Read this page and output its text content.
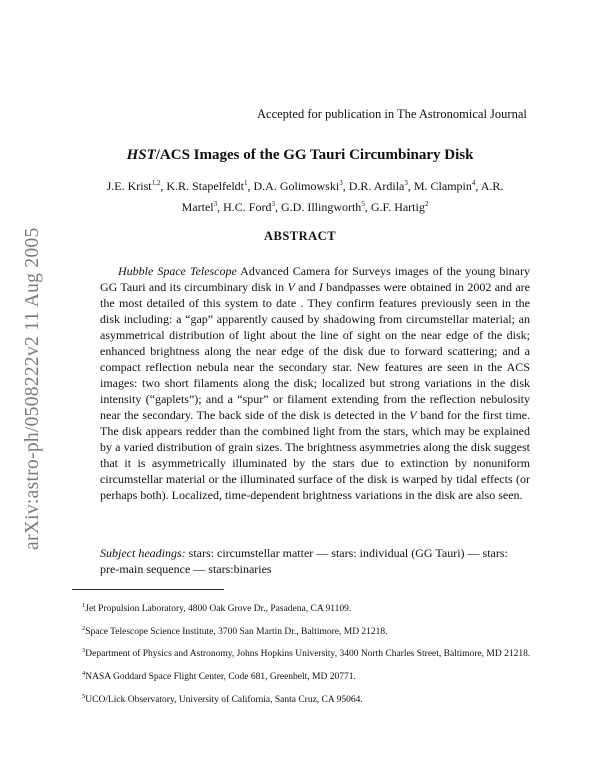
arXiv:astro-ph/0508222v2 11 Aug 2005
Accepted for publication in The Astronomical Journal
HST/ACS Images of the GG Tauri Circumbinary Disk
J.E. Krist$^{1,2}$, K.R. Stapelfeldt$^1$, D.A. Golimowski$^3$, D.R. Ardila$^3$, M. Clampin$^4$, A.R. Martel$^3$, H.C. Ford$^3$, G.D. Illingworth$^5$, G.F. Hartig$^2$
ABSTRACT
Hubble Space Telescope Advanced Camera for Surveys images of the young binary GG Tauri and its circumbinary disk in V and I bandpasses were obtained in 2002 and are the most detailed of this system to date . They confirm features previously seen in the disk including: a “gap” apparently caused by shadowing from circumstellar material; an asymmetrical distribution of light about the line of sight on the near edge of the disk; enhanced brightness along the near edge of the disk due to forward scattering; and a compact reflection nebula near the secondary star. New features are seen in the ACS images: two short filaments along the disk; localized but strong variations in the disk intensity (“gaplets”); and a “spur” or filament extending from the reflection nebulosity near the secondary. The back side of the disk is detected in the V band for the first time. The disk appears redder than the combined light from the stars, which may be explained by a varied distribution of grain sizes. The brightness asymmetries along the disk suggest that it is asymmetrically illuminated by the stars due to extinction by nonuniform circumstellar material or the illuminated surface of the disk is warped by tidal effects (or perhaps both). Localized, time-dependent brightness variations in the disk are also seen.
Subject headings: stars: circumstellar matter — stars: individual (GG Tauri) — stars: pre-main sequence — stars:binaries
$^1$Jet Propulsion Laboratory, 4800 Oak Grove Dr., Pasadena, CA 91109.
$^2$Space Telescope Science Institute, 3700 San Martin Dr., Baltimore, MD 21218.
$^3$Department of Physics and Astronomy, Johns Hopkins University, 3400 North Charles Street, Baltimore, MD 21218.
$^4$NASA Goddard Space Flight Center, Code 681, Greenbelt, MD 20771.
$^5$UCO/Lick Observatory, University of California, Santa Cruz, CA 95064.
